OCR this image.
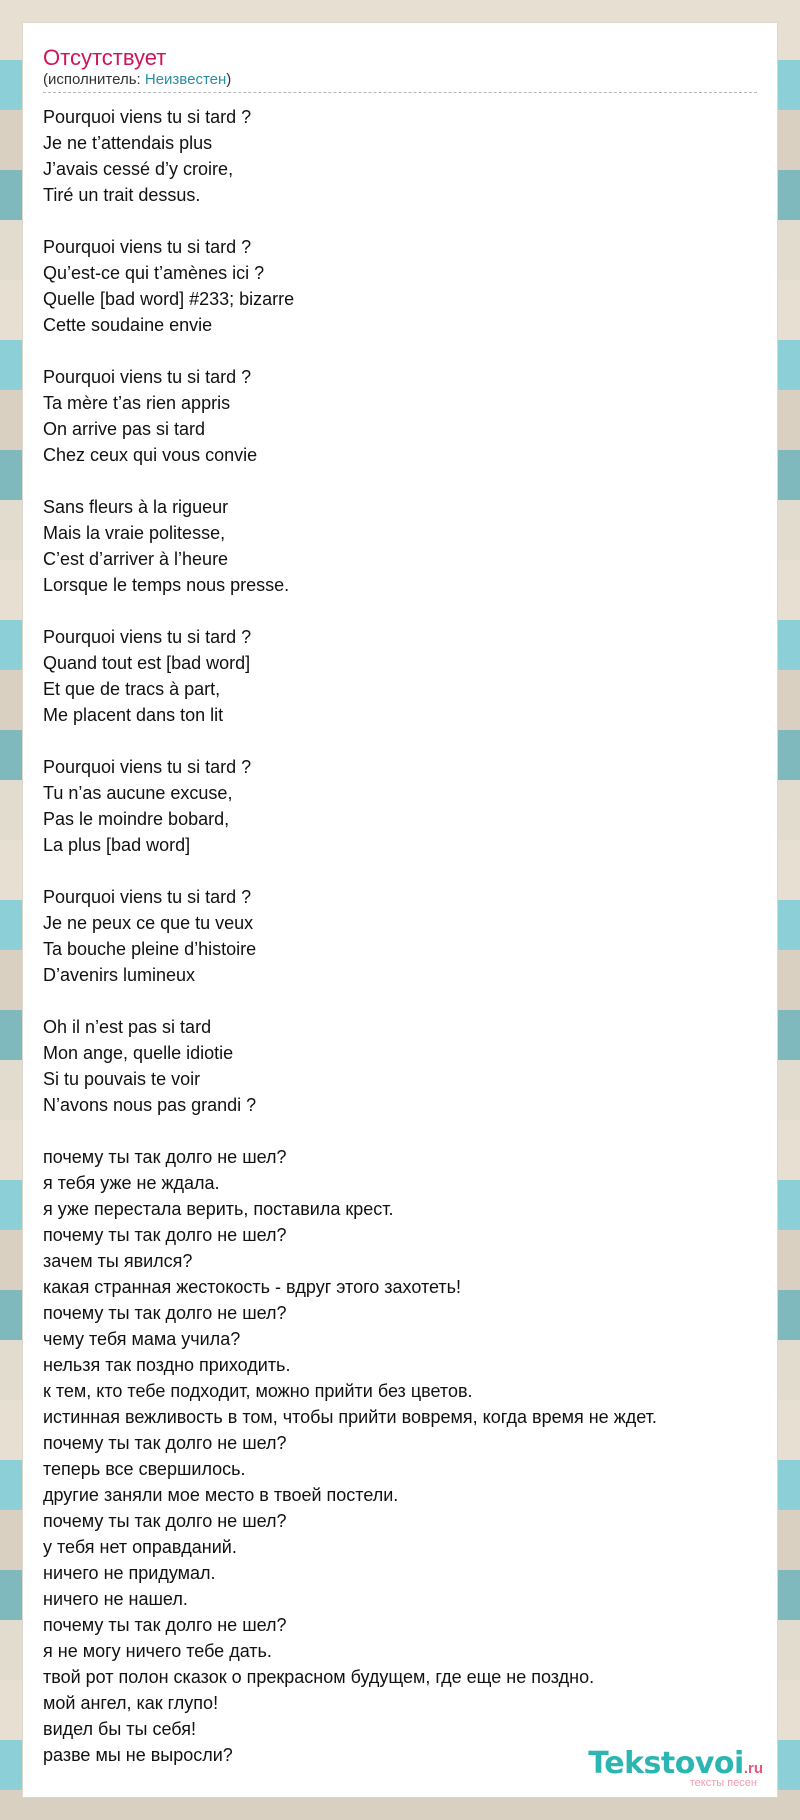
Отсутствует
(исполнитель: Неизвестен)
Pourquoi viens tu si tard ?
Je ne t’attendais plus
J’avais cessé d’y croire,
Tiré un trait dessus.
Pourquoi viens tu si tard ?
Qu’est-ce qui t’amènes ici ?
Quelle [bad word] #233; bizarre
Cette soudaine envie
Pourquoi viens tu si tard ?
Ta mère t’as rien appris
On arrive pas si tard
Chez ceux qui vous convie
Sans fleurs à la rigueur
Mais la vraie politesse,
C’est d’arriver à l’heure
Lorsque le temps nous presse.
Pourquoi viens tu si tard ?
Quand tout est [bad word]
Et que de tracs à part,
Me placent dans ton lit
Pourquoi viens tu si tard ?
Tu n’as aucune excuse,
Pas le moindre bobard,
La plus [bad word]
Pourquoi viens tu si tard ?
Je ne peux ce que tu veux
Ta bouche pleine d’histoire
D’avenirs lumineux
Oh il n’est pas si tard
Mon ange, quelle idiotie
Si tu pouvais te voir
N’avons nous pas grandi ?
почему ты так долго не шел?
я тебя уже не ждала.
я уже перестала верить, поставила крест.
почему ты так долго не шел?
зачем ты явился?
какая странная жестокость - вдруг этого захотеть!
почему ты так долго не шел?
чему тебя мама учила?
нельзя так поздно приходить.
к тем, кто тебе подходит, можно прийти без цветов.
истинная вежливость в том, чтобы прийти вовремя, когда время не ждет.
почему ты так долго не шел?
теперь все свершилось.
другие заняли мое место в твоей постели.
почему ты так долго не шел?
у тебя нет оправданий.
ничего не придумал.
ничего не нашел.
почему ты так долго не шел?
я не могу ничего тебе дать.
твой рот полон сказок о прекрасном будущем, где еще не поздно.
мой ангел, как глупо!
видел бы ты себя!
разве мы не выросли?	Tekstovoi.ru
тексты песен
